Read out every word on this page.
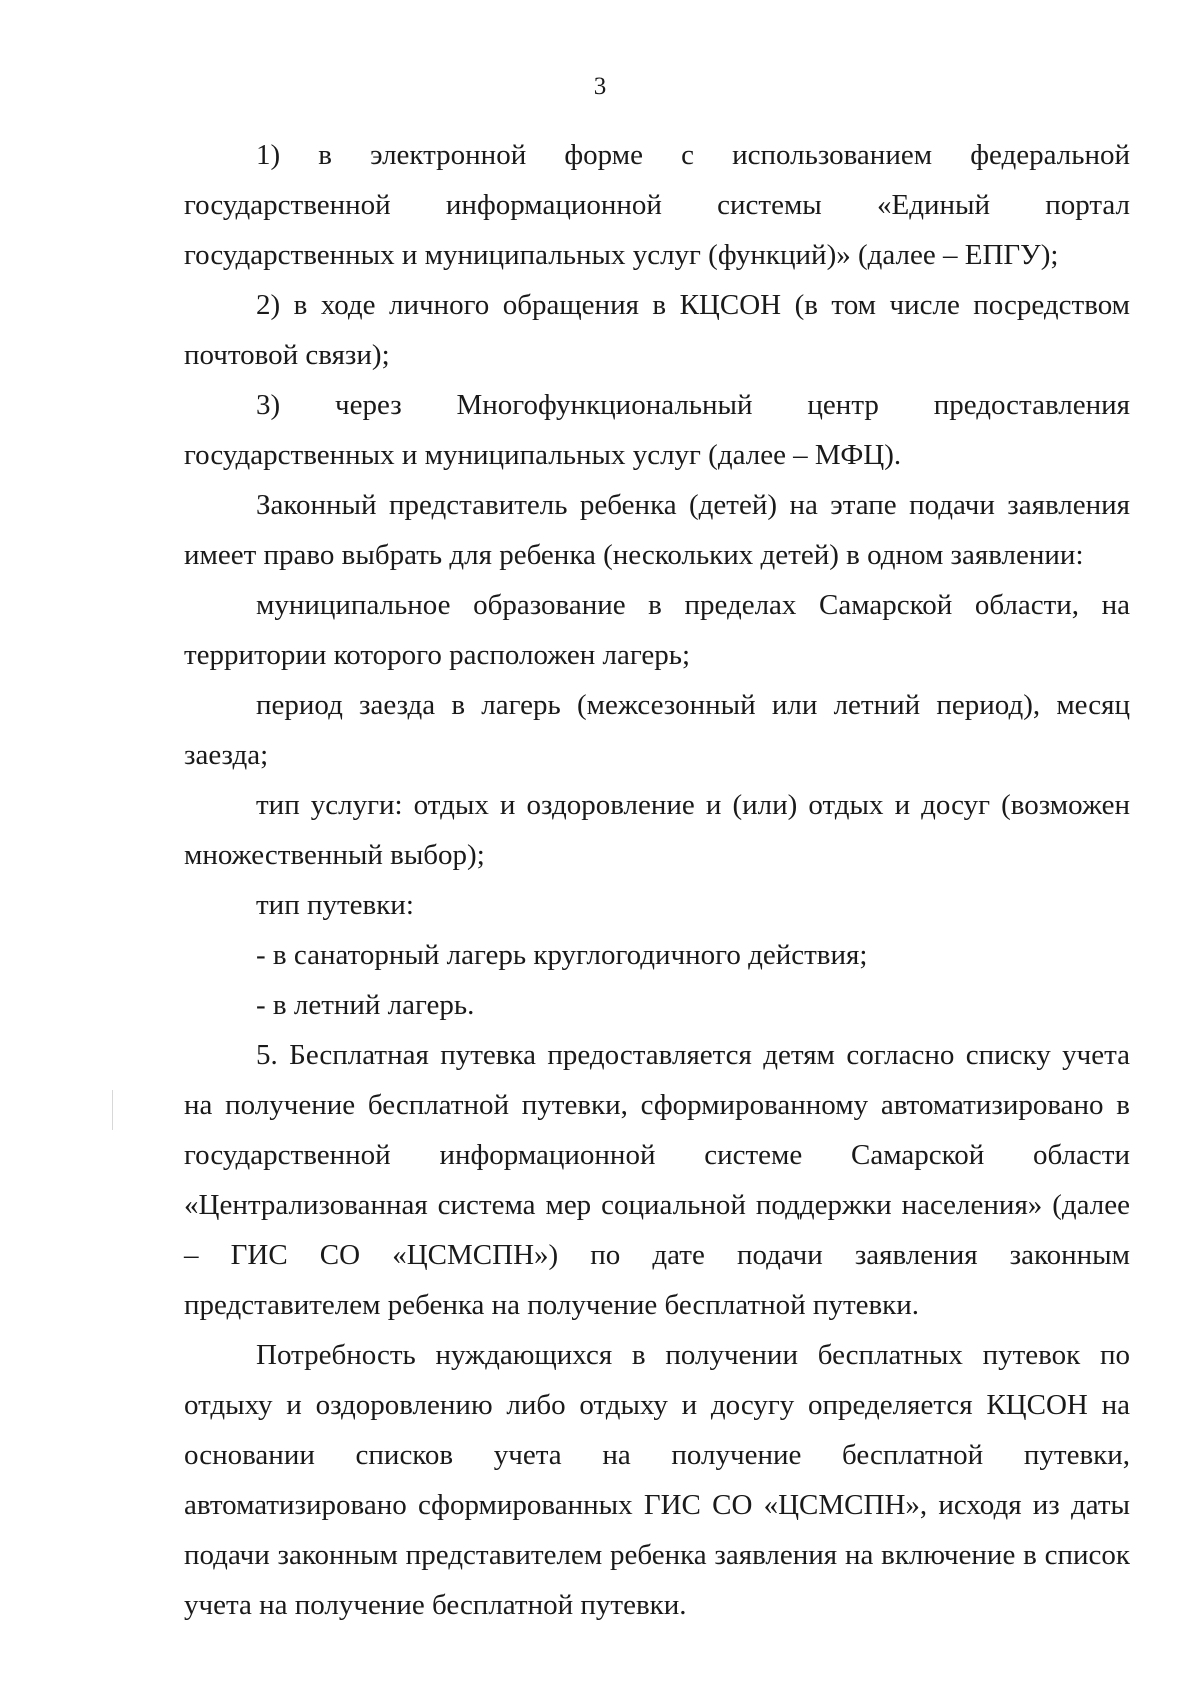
3

1) в электронной форме с использованием федеральной государственной информационной системы «Единый портал государственных и муниципальных услуг (функций)» (далее – ЕПГУ);

2) в ходе личного обращения в КЦСОН (в том числе посредством почтовой связи);

3) через Многофункциональный центр предоставления государственных и муниципальных услуг (далее – МФЦ).

Законный представитель ребенка (детей) на этапе подачи заявления имеет право выбрать для ребенка (нескольких детей) в одном заявлении:

муниципальное образование в пределах Самарской области, на территории которого расположен лагерь;

период заезда в лагерь (межсезонный или летний период), месяц заезда;

тип услуги: отдых и оздоровление и (или) отдых и досуг (возможен множественный выбор);

тип путевки:

- в санаторный лагерь круглогодичного действия;

- в летний лагерь.

5. Бесплатная путевка предоставляется детям согласно списку учета на получение бесплатной путевки, сформированному автоматизировано в государственной информационной системе Самарской области «Централизованная система мер социальной поддержки населения» (далее – ГИС СО «ЦСМСПН») по дате подачи заявления законным представителем ребенка на получение бесплатной путевки.

Потребность нуждающихся в получении бесплатных путевок по отдыху и оздоровлению либо отдыху и досугу определяется КЦСОН на основании списков учета на получение бесплатной путевки, автоматизировано сформированных ГИС СО «ЦСМСПН», исходя из даты подачи законным представителем ребенка заявления на включение в список учета на получение бесплатной путевки.
